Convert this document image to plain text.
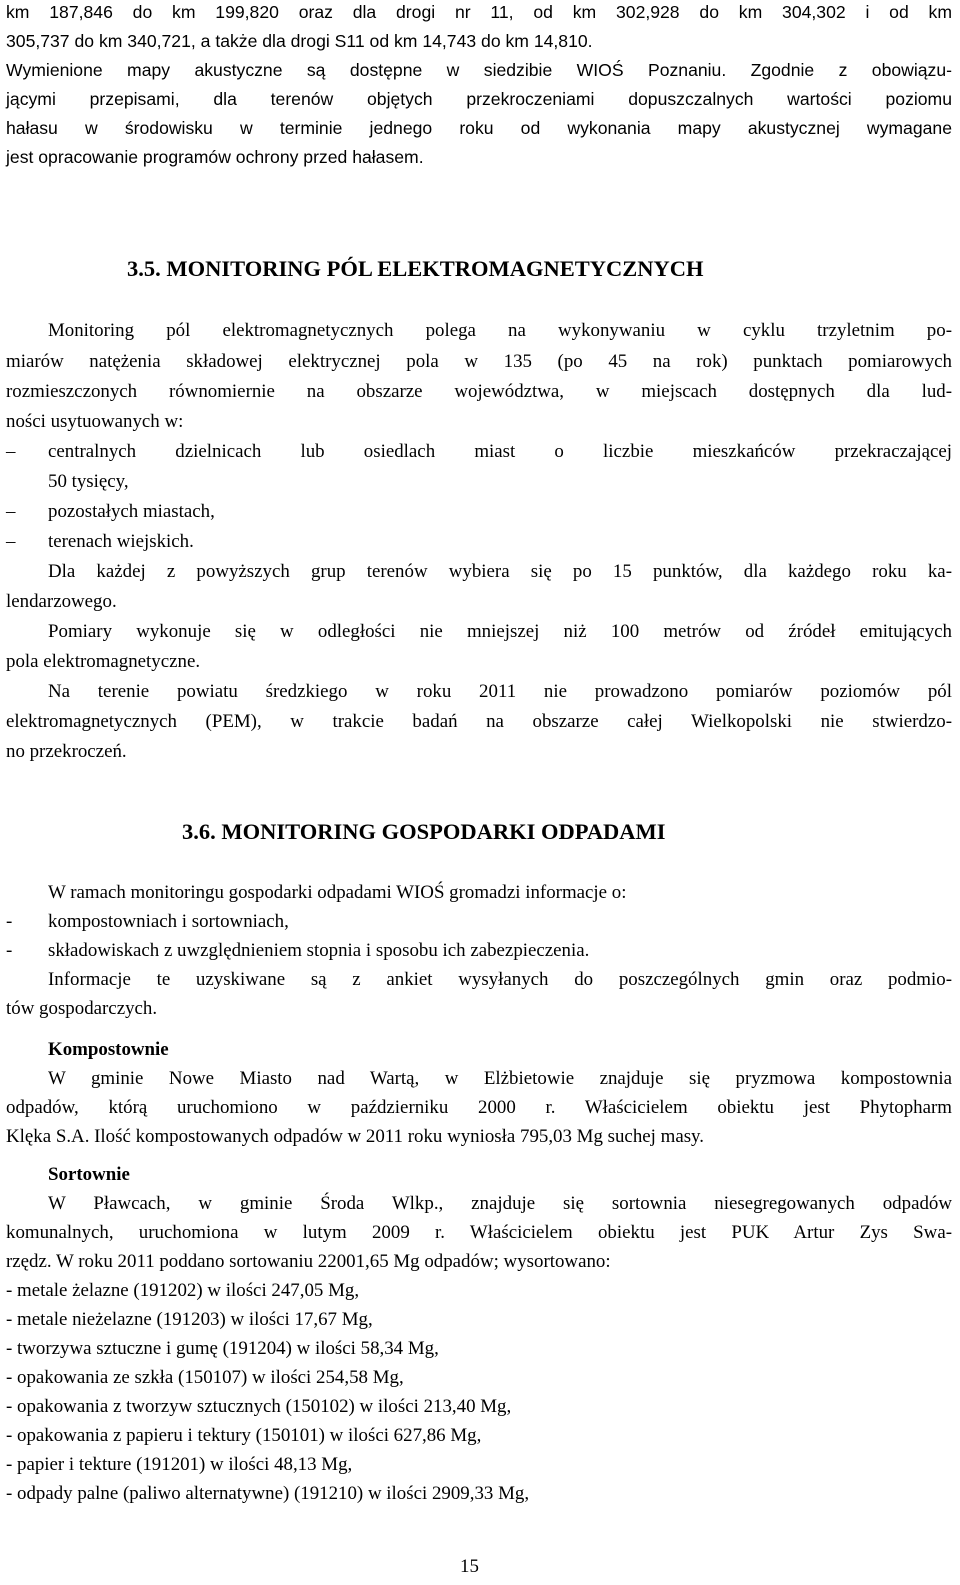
km 187,846 do km 199,820 oraz dla drogi nr 11, od km 302,928 do km 304,302 i od km
305,737 do km 340,721, a także dla drogi S11 od km 14,743 do km 14,810.
Wymienione mapy akustyczne są dostępne w siedzibie WIOŚ Poznaniu. Zgodnie z obowiązu-
jącymi przepisami, dla terenów objętych przekroczeniami dopuszczalnych wartości poziomu
hałasu w środowisku w terminie jednego roku od wykonania mapy akustycznej wymagane
jest opracowanie programów ochrony przed hałasem.
3.5. MONITORING PÓL ELEKTROMAGNETYCZNYCH
Monitoring pól elektromagnetycznych polega na wykonywaniu w cyklu trzyletnim po-
miarów natężenia składowej elektrycznej pola w 135 (po 45 na rok) punktach pomiarowych
rozmieszczonych równomiernie na obszarze województwa, w miejscach dostępnych dla lud-
ności usytuowanych w:
– centralnych dzielnicach lub osiedlach miast o liczbie mieszkańców przekraczającej
50 tysięcy,
– pozostałych miastach,
– terenach wiejskich.
Dla każdej z powyższych grup terenów wybiera się po 15 punktów, dla każdego roku ka-
lendarzowego.
Pomiary wykonuje się w odległości nie mniejszej niż 100 metrów od źródeł emitujących
pola elektromagnetyczne.
Na terenie powiatu średzkiego w roku 2011 nie prowadzono pomiarów poziomów pól
elektromagnetycznych (PEM), w trakcie badań na obszarze całej Wielkopolski nie stwierdzo-
no przekroczeń.
3.6. MONITORING GOSPODARKI ODPADAMI
W ramach monitoringu gospodarki odpadami WIOŚ gromadzi informacje o:
- kompostowniach i sortowniach,
- składowiskach z uwzględnieniem stopnia i sposobu ich zabezpieczenia.
Informacje te uzyskiwane są z ankiet wysyłanych do poszczególnych gmin oraz podmio-
tów gospodarczych.
Kompostownie
W gminie Nowe Miasto nad Wartą, w Elżbietowie znajduje się pryzmowa kompostownia
odpadów, którą uruchomiono w październiku 2000 r. Właścicielem obiektu jest Phytopharm
Klęka S.A. Ilość kompostowanych odpadów w 2011 roku wyniosła 795,03 Mg suchej masy.
Sortownie
W Pławcach, w gminie Środa Wlkp., znajduje się sortownia niesegregowanych odpadów
komunalnych, uruchomiona w lutym 2009 r. Właścicielem obiektu jest PUK Artur Zys Swa-
rzędz. W roku 2011 poddano sortowaniu 22001,65 Mg odpadów; wysortowano:
- metale żelazne (191202) w ilości 247,05 Mg,
- metale nieżelazne (191203) w ilości 17,67 Mg,
- tworzywa sztuczne i gumę (191204) w ilości 58,34 Mg,
- opakowania ze szkła (150107) w ilości 254,58 Mg,
- opakowania z tworzyw sztucznych (150102) w ilości 213,40 Mg,
- opakowania z papieru i tektury (150101) w ilości 627,86 Mg,
- papier i tekture (191201) w ilości 48,13 Mg,
- odpady palne (paliwo alternatywne) (191210) w ilości 2909,33 Mg,
15
